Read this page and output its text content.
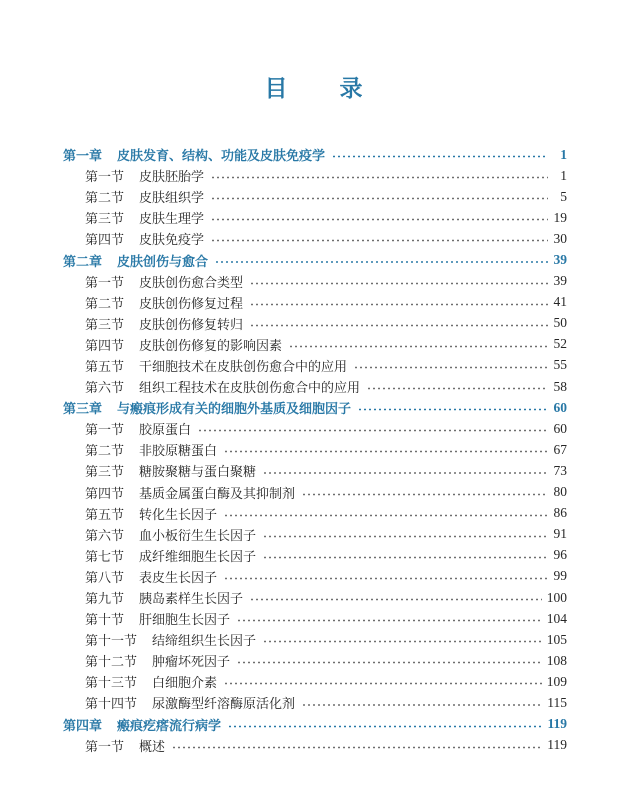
目　　录
第一章 皮肤发育、结构、功能及皮肤免疫学	1
第一节 皮肤胚胎学	1
第二节 皮肤组织学	5
第三节 皮肤生理学	19
第四节 皮肤免疫学	30
第二章 皮肤创伤与愈合	39
第一节 皮肤创伤愈合类型	39
第二节 皮肤创伤修复过程	41
第三节 皮肤创伤修复转归	50
第四节 皮肤创伤修复的影响因素	52
第五节 干细胞技术在皮肤创伤愈合中的应用	55
第六节 组织工程技术在皮肤创伤愈合中的应用	58
第三章 与瘢痕形成有关的细胞外基质及细胞因子	60
第一节 胶原蛋白	60
第二节 非胶原糖蛋白	67
第三节 糖胺聚糖与蛋白聚糖	73
第四节 基质金属蛋白酶及其抑制剂	80
第五节 转化生长因子	86
第六节 血小板衍生生长因子	91
第七节 成纤维细胞生长因子	96
第八节 表皮生长因子	99
第九节 胰岛素样生长因子	100
第十节 肝细胞生长因子	104
第十一节 结缔组织生长因子	105
第十二节 肿瘤坏死因子	108
第十三节 白细胞介素	109
第十四节 尿激酶型纤溶酶原活化剂	115
第四章 瘢痕疙瘩流行病学	119
第一节 概述	119
